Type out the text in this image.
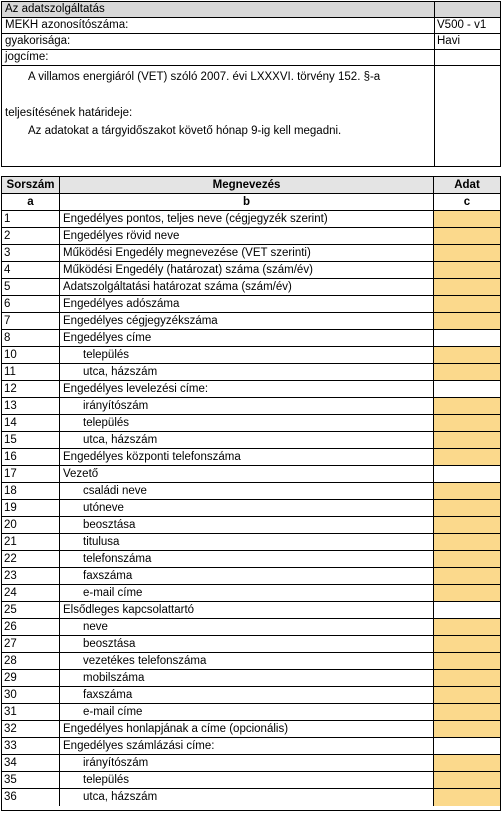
Az adatszolgáltatás
MEKH azonosítószáma:	V500 - v1
gyakorisága:	Havi
jogcíme:
A villamos energiáról (VET) szóló 2007. évi LXXXVI. törvény 152. §-a
teljesítésének határideje:
Az adatokat a tárgyidőszakot követő hónap 9-ig kell megadni.
Sorszám	Megnevezés	Adat
a	b	c
1	Engedélyes pontos, teljes neve (cégjegyzék szerint)
2	Engedélyes rövid neve
3	Működési Engedély megnevezése (VET szerinti)
4	Működési Engedély (határozat) száma (szám/év)
5	Adatszolgáltatási határozat száma (szám/év)
6	Engedélyes adószáma
7	Engedélyes cégjegyzékszáma
8	Engedélyes címe
10	település
11	utca, házszám
12	Engedélyes levelezési címe:
13	irányítószám
14	település
15	utca, házszám
16	Engedélyes központi telefonszáma
17	Vezető
18	családi neve
19	utóneve
20	beosztása
21	titulusa
22	telefonszáma
23	faxszáma
24	e-mail címe
25	Elsődleges kapcsolattartó
26	neve
27	beosztása
28	vezetékes telefonszáma
29	mobilszáma
30	faxszáma
31	e-mail címe
32	Engedélyes honlapjának a címe (opcionális)
33	Engedélyes számlázási címe:
34	irányítószám
35	település
36	utca, házszám
